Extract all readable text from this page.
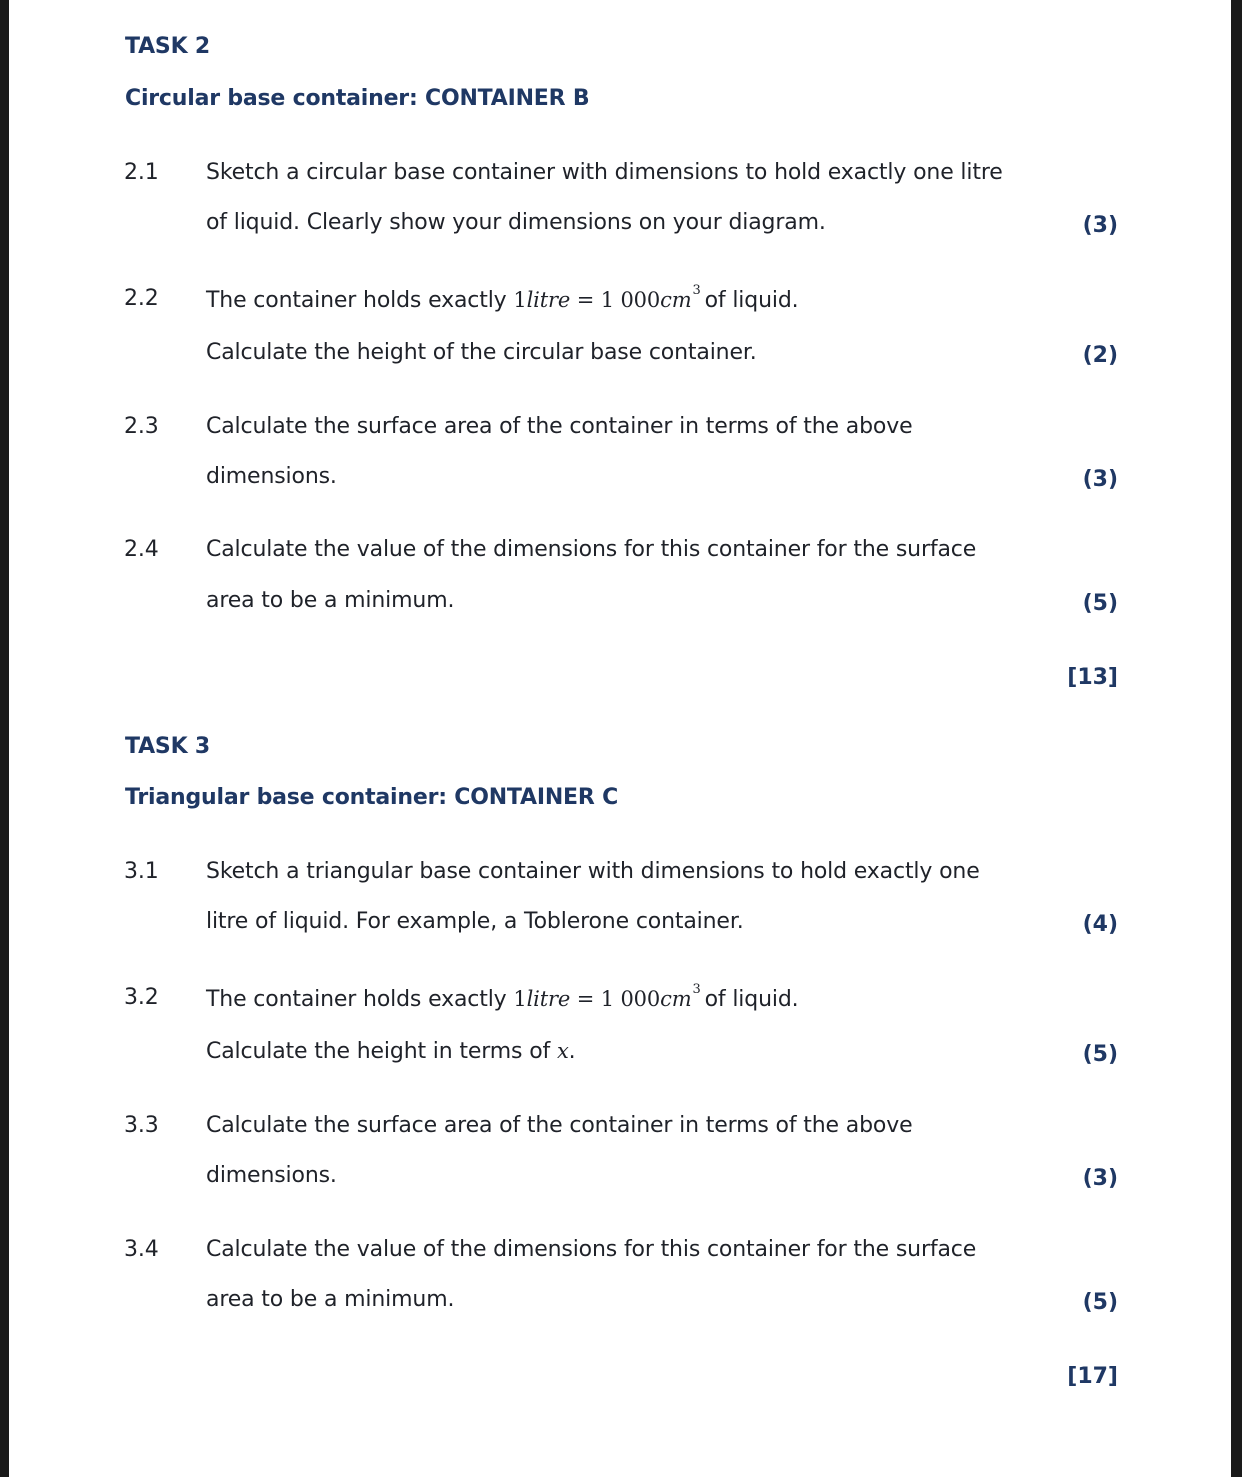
TASK 2
Circular base container: CONTAINER B
2.1 Sketch a circular base container with dimensions to hold exactly one litre
of liquid. Clearly show your dimensions on your diagram.	(3)
2.2 The container holds exactly 1litre = 1 $000cm^3$ of liquid.
Calculate the height of the circular base container.	(2)
2.3 Calculate the surface area of the container in terms of the above
dimensions.	(3)
2.4 Calculate the value of the dimensions for this container for the surface
area to be a minimum.	(5)
[13]
TASK 3
Triangular base container: CONTAINER C
3.1 Sketch a triangular base container with dimensions to hold exactly one
litre of liquid. For example, a Toblerone container.	(4)
3.2 The container holds exactly 1litre = 1 $000cm^3$ of liquid.
Calculate the height in terms of x.	(5)
3.3 Calculate the surface area of the container in terms of the above
dimensions.	(3)
3.4 Calculate the value of the dimensions for this container for the surface
area to be a minimum.	(5)
[17]
